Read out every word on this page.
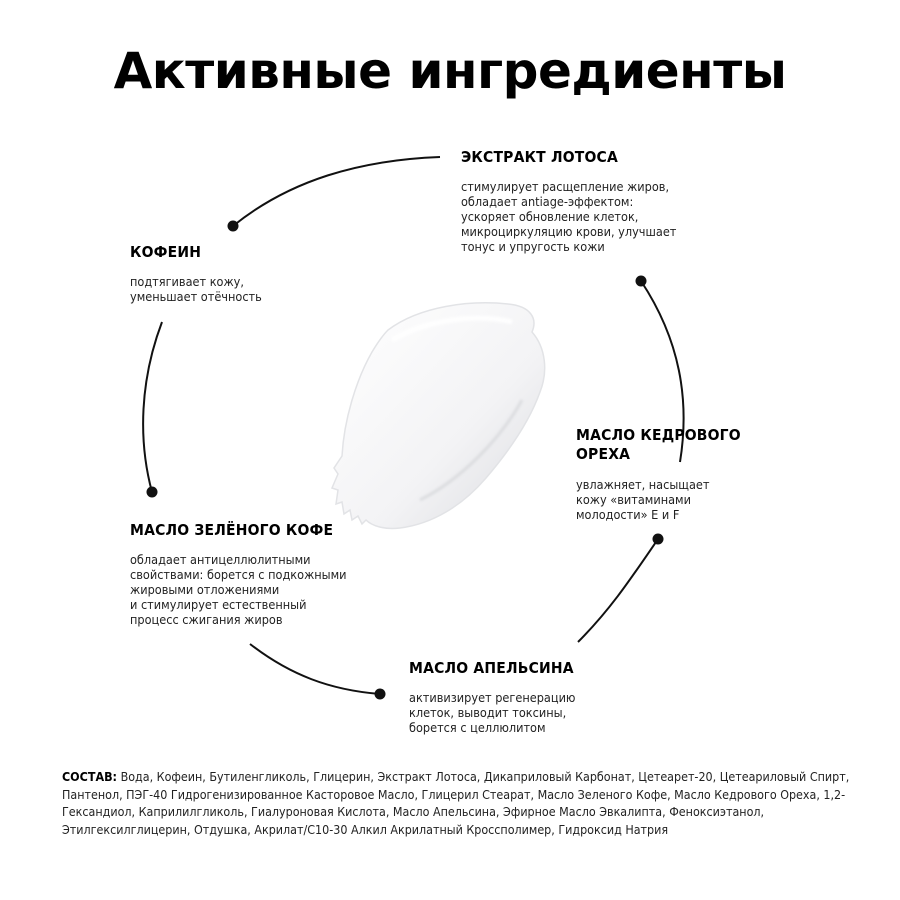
Активные ингредиенты
ЭКСТРАКТ ЛОТОСА

стимулирует расщепление жиров,
обладает antiage-эффектом:
ускоряет обновление клеток,
микроциркуляцию крови, улучшает
тонус и упругость кожи

КОФЕИН

подтягивает кожу,
уменьшает отёчность

МАСЛО КЕДРОВОГО
ОРЕХА

увлажняет, насыщает
кожу «витаминами
молодости» E и F

МАСЛО ЗЕЛЁНОГО КОФЕ

обладает антицеллюлитными
свойствами: борется с подкожными
жировыми отложениями
и стимулирует естественный
процесс сжигания жиров

МАСЛО АПЕЛЬСИНА

активизирует регенерацию
клеток, выводит токсины,
борется с целлюлитом

СОСТАВ: Вода, Кофеин, Бутиленгликоль, Глицерин, Экстракт Лотоса, Дикаприловый Карбонат, Цетеарет-20, Цетеариловый Спирт, Пантенол, ПЭГ-40 Гидрогенизированное Касторовое Масло, Глицерил Стеарат, Масло Зеленого Кофе, Масло Кедрового Ореха, 1,2-Гександиол, Каприлилгликоль, Гиалуроновая Кислота, Масло Апельсина, Эфирное Масло Эвкалипта, Феноксиэтанол, Этилгексилглицерин, Отдушка, Акрилат/C10-30 Алкил Акрилатный Кроссполимер, Гидроксид Натрия
